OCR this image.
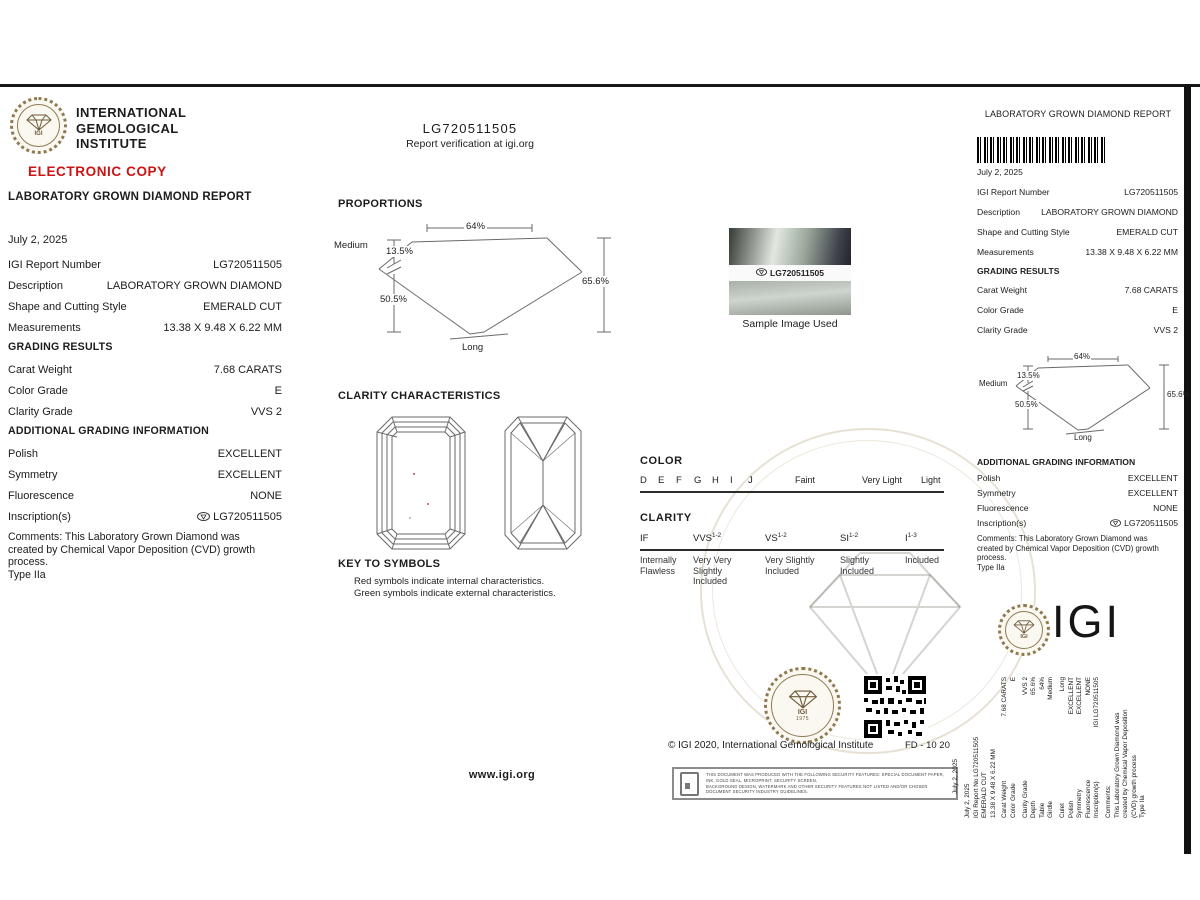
IGI
INTERNATIONAL
GEMOLOGICAL
INSTITUTE
ELECTRONIC COPY
LABORATORY GROWN DIAMOND REPORT
July 2, 2025
IGI Report Number	LG720511505
Description	LABORATORY GROWN DIAMOND
Shape and Cutting Style	EMERALD CUT
Measurements	13.38 X 9.48 X 6.22 MM
GRADING RESULTS
Carat Weight	7.68 CARATS
Color Grade	E
Clarity Grade	VVS 2
ADDITIONAL GRADING INFORMATION
Polish	EXCELLENT
Symmetry	EXCELLENT
Fluorescence	NONE
Inscription(s)	LG720511505
Comments: This Laboratory Grown Diamond was
created by Chemical Vapor Deposition (CVD) growth
process.
Type IIa
LG720511505
Report verification at igi.org
PROPORTIONS
Medium
13.5%
50.5%
64%
65.6%
Long
CLARITY CHARACTERISTICS
KEY TO SYMBOLS
Red symbols indicate internal characteristics.
Green symbols indicate external characteristics.
LG720511505
Sample Image Used
COLOR
D	E	F	G	H	I	J	Faint	Very Light Light
CLARITY
IF	VVS$^{1-2}$	VS$^{1-2}$	SI$^{1-2}$	$I^{1-3}$
Internally Flawless
Very Very Slightly Included
Very Slightly Included
Slightly Included
Included
IGI
1975
© IGI 2020, International Gemological Institute	FD - 10 20
THIS DOCUMENT WAS PRODUCED WITH THE FOLLOWING SECURITY FEATURES: SPECIAL DOCUMENT PAPER, INK, GOLD SEAL, MICROPRINT, SECURITY SCREEN,
BACKGROUND DESIGN, WATERMARK AND OTHER SECURITY FEATURES NOT LISTED AND/OR CHOSEN DOCUMENT SECURITY INDUSTRY GUIDELINES.
www.igi.org	July 2, 2025
LABORATORY GROWN DIAMOND REPORT
July 2, 2025
IGI Report Number	LG720511505
Description LABORATORY GROWN DIAMOND
Shape and Cutting Style	EMERALD CUT
Measurements	13.38 X 9.48 X 6.22 MM
GRADING RESULTS
Carat Weight	7.68 CARATS
Color Grade	E
Clarity Grade	VVS 2
Medium
13.5%
50.5%
64%
65.6%
Long
ADDITIONAL GRADING INFORMATION
Polish	EXCELLENT
Symmetry	EXCELLENT
Fluorescence	NONE
Inscription(s)	LG720511505
Comments: This Laboratory Grown Diamond was
created by Chemical Vapor Deposition (CVD) growth
process.
Type IIa
IGI IGI
July 2, 2025 IGI Report No LG720511505 EMERALD CUT 13.38 X 9.48 X 6.22 MM Carat Weight
7.68 CARATS
Color Grade
E
Clarity Grade
VVS 2
Depth
65.6%
Table
64%
Girdle
Medium
Culet
Long
Polish
EXCELLENT
Symmetry
EXCELLENT
Fluorescence
NONE
Inscription(s)
IGI LG720511505
Comments: This Laboratory Grown Diamond was created by Chemical Vapor Deposition (CVD) growth process Type IIa
